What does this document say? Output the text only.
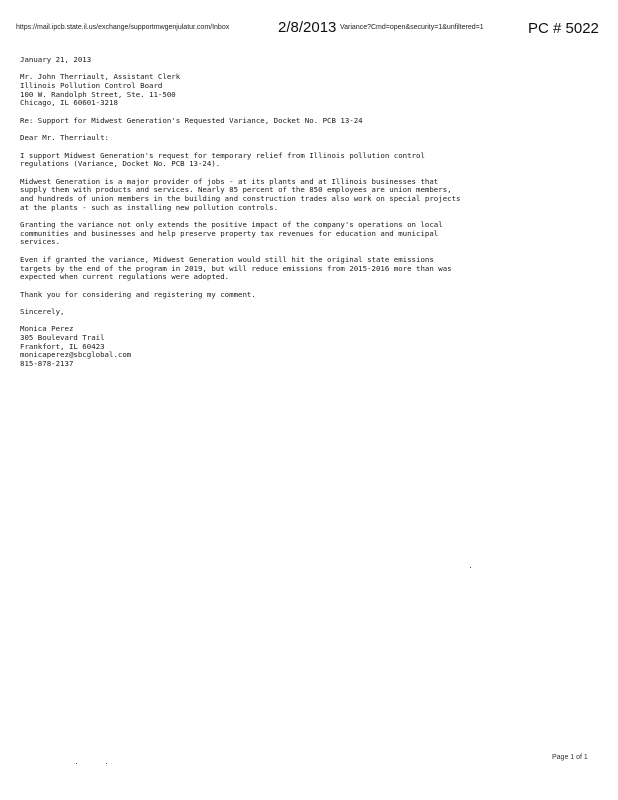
https://mail.ipcb.state.il.us/exchange/supportmwgenjulatur.com/Inbox	2/8/2013 Variance?Cmd=open&security=1&unfiltered=1	PC # 5022
January 21, 2013
Mr. John Therriault, Assistant Clerk
Illinois Pollution Control Board
100 W. Randolph Street, Ste. 11-500
Chicago, IL 60601-3218
Re: Support for Midwest Generation's Requested Variance, Docket No. PCB 13-24
Dear Mr. Therriault:
I support Midwest Generation's request for temporary relief from Illinois pollution control
regulations (Variance, Docket No. PCB 13-24).
Midwest Generation is a major provider of jobs - at its plants and at Illinois businesses that
supply them with products and services. Nearly 85 percent of the 850 employees are union members,
and hundreds of union members in the building and construction trades also work on special projects
at the plants - such as installing new pollution controls.
Granting the variance not only extends the positive impact of the company's operations on local
communities and businesses and help preserve property tax revenues for education and municipal
services.
Even if granted the variance, Midwest Generation would still hit the original state emissions
targets by the end of the program in 2019, but will reduce emissions from 2015-2016 more than was
expected when current regulations were adopted.
Thank you for considering and registering my comment.
Sincerely,
Monica Perez
305 Boulevard Trail
Frankfort, IL 60423
monicaperez@sbcglobal.com
815-878-2137
Page 1 of 1
